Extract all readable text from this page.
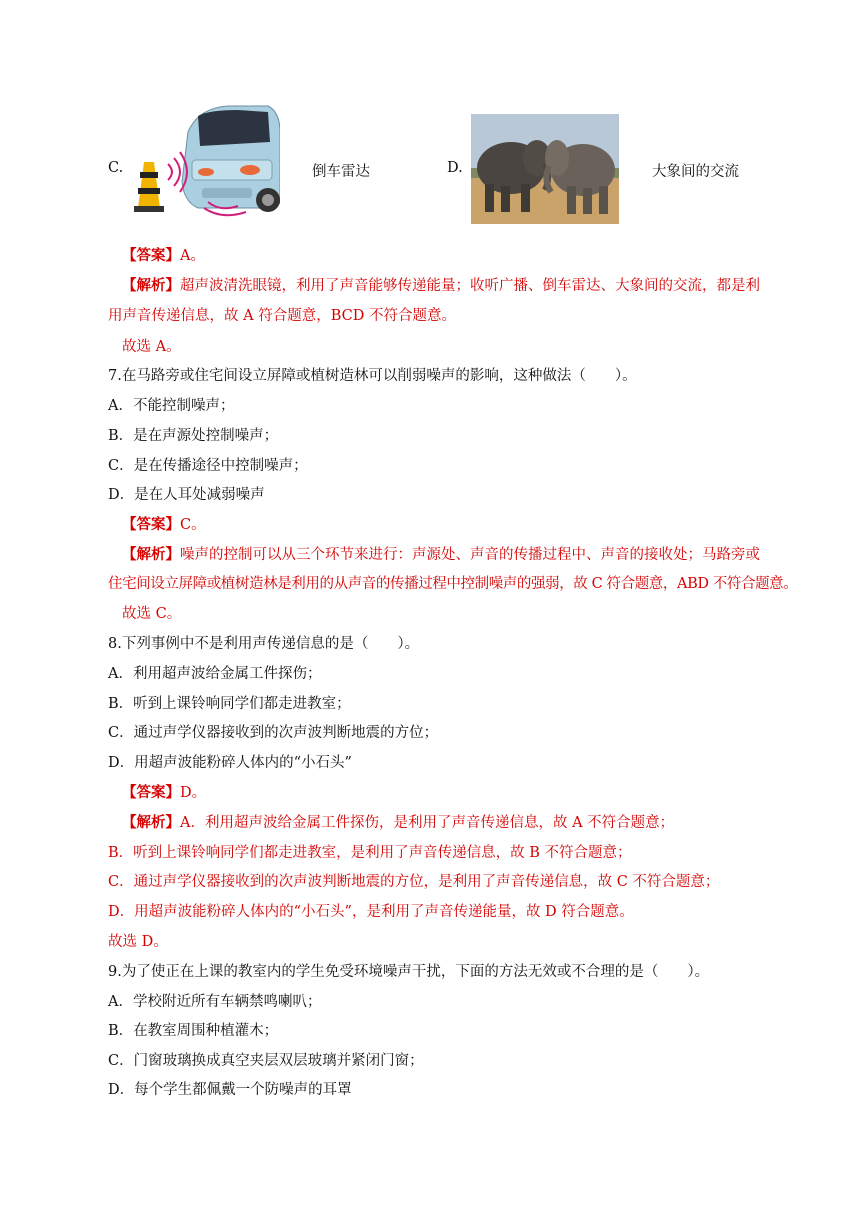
C.	倒车雷达	D.	大象间的交流
【答案】A。
【解析】超声波清洗眼镜，利用了声音能够传递能量；收听广播、倒车雷达、大象间的交流，都是利
用声音传递信息，故 A 符合题意，BCD 不符合题意。
故选 A。
7.在马路旁或住宅间设立屏障或植树造林可以削弱噪声的影响，这种做法（　　）。
A．不能控制噪声；
B．是在声源处控制噪声；
C．是在传播途径中控制噪声；
D．是在人耳处减弱噪声
【答案】C。
【解析】噪声的控制可以从三个环节来进行：声源处、声音的传播过程中、声音的接收处；马路旁或
住宅间设立屏障或植树造林是利用的从声音的传播过程中控制噪声的强弱，故 C 符合题意，ABD 不符合题意。
故选 C。
8.下列事例中不是利用声传递信息的是（　　）。
A．利用超声波给金属工件探伤；
B．听到上课铃响同学们都走进教室；
C．通过声学仪器接收到的次声波判断地震的方位；
D．用超声波能粉碎人体内的“小石头”
【答案】D。
【解析】A．利用超声波给金属工件探伤，是利用了声音传递信息，故 A 不符合题意；
B．听到上课铃响同学们都走进教室，是利用了声音传递信息，故 B 不符合题意；
C．通过声学仪器接收到的次声波判断地震的方位，是利用了声音传递信息，故 C 不符合题意；
D．用超声波能粉碎人体内的“小石头”，是利用了声音传递能量，故 D 符合题意。
故选 D。
9.为了使正在上课的教室内的学生免受环境噪声干扰，下面的方法无效或不合理的是（　　）。
A．学校附近所有车辆禁鸣喇叭；
B．在教室周围种植灌木；
C．门窗玻璃换成真空夹层双层玻璃并紧闭门窗；
D．每个学生都佩戴一个防噪声的耳罩
